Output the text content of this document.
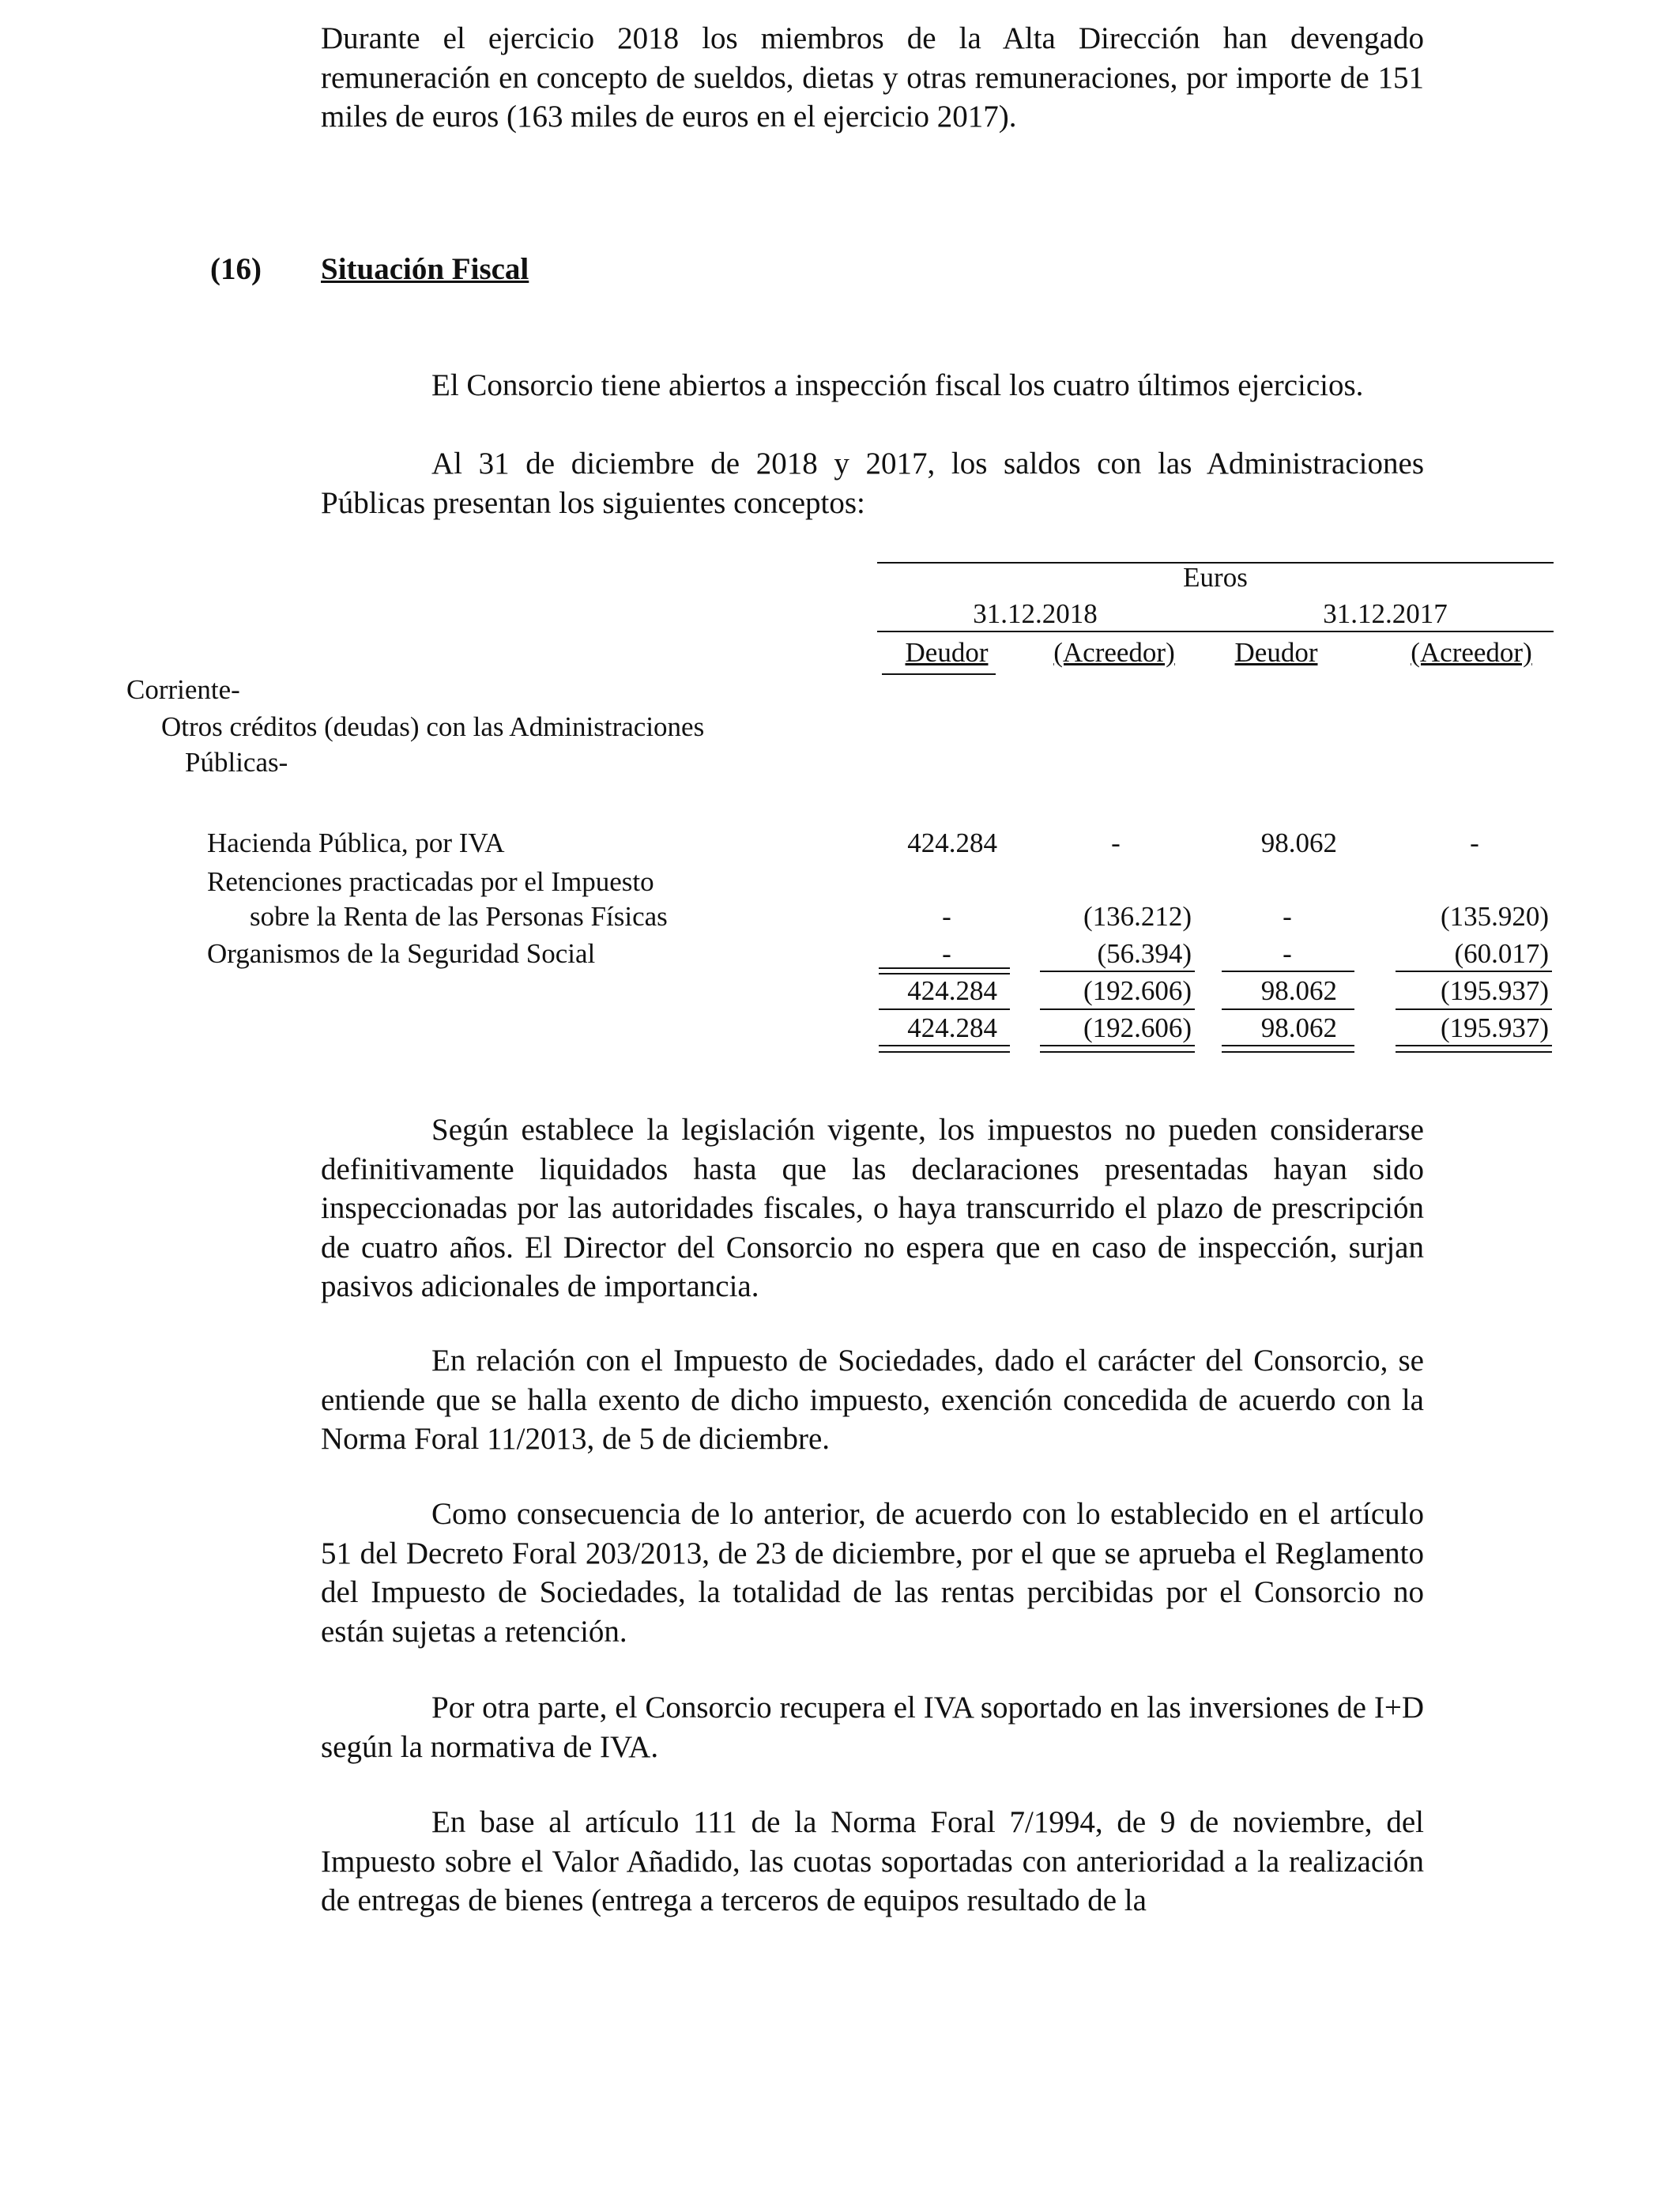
Durante el ejercicio 2018 los miembros de la Alta Dirección han devengado remuneración en concepto de sueldos, dietas y otras remuneraciones, por importe de 151 miles de euros (163 miles de euros en el ejercicio 2017).

(16) Situación Fiscal

El Consorcio tiene abiertos a inspección fiscal los cuatro últimos ejercicios.

Al 31 de diciembre de 2018 y 2017, los saldos con las Administraciones Públicas presentan los siguientes conceptos:

Euros
31.12.2018	31.12.2017
Deudor	(Acreedor)	Deudor	(Acreedor)
Corriente-
Otros créditos (deudas) con las Administraciones
Públicas-
Hacienda Pública, por IVA	424.284	-	98.062	-
Retenciones practicadas por el Impuesto
sobre la Renta de las Personas Físicas	-	(136.212)	-	(135.920)
Organismos de la Seguridad Social	-	(56.394)	-	(60.017)
424.284	(192.606)	98.062	(195.937)
424.284	(192.606)	98.062	(195.937)

Según establece la legislación vigente, los impuestos no pueden considerarse definitivamente liquidados hasta que las declaraciones presentadas hayan sido inspeccionadas por las autoridades fiscales, o haya transcurrido el plazo de prescripción de cuatro años. El Director del Consorcio no espera que en caso de inspección, surjan pasivos adicionales de importancia.

En relación con el Impuesto de Sociedades, dado el carácter del Consorcio, se entiende que se halla exento de dicho impuesto, exención concedida de acuerdo con la Norma Foral 11/2013, de 5 de diciembre.

Como consecuencia de lo anterior, de acuerdo con lo establecido en el artículo 51 del Decreto Foral 203/2013, de 23 de diciembre, por el que se aprueba el Reglamento del Impuesto de Sociedades, la totalidad de las rentas percibidas por el Consorcio no están sujetas a retención.

Por otra parte, el Consorcio recupera el IVA soportado en las inversiones de I+D según la normativa de IVA.

En base al artículo 111 de la Norma Foral 7/1994, de 9 de noviembre, del Impuesto sobre el Valor Añadido, las cuotas soportadas con anterioridad a la realización de entregas de bienes (entrega a terceros de equipos resultado de la
